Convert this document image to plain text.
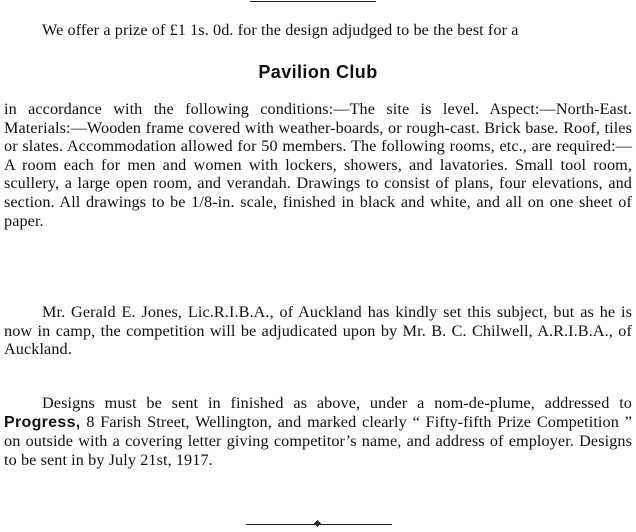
We offer a prize of £1 1s. 0d. for the design adjudged to be the best for a

Pavilion Club

in accordance with the following conditions:—The site is level. Aspect:—North-East. Materials:—Wooden frame covered with weather-boards, or rough-cast. Brick base. Roof, tiles or slates. Accommodation allowed for 50 members. The following rooms, etc., are required:—A room each for men and women with lockers, showers, and lavatories. Small tool room, scullery, a large open room, and verandah. Drawings to consist of plans, four elevations, and section. All drawings to be 1/8-in. scale, finished in black and white, and all on one sheet of paper.

Mr. Gerald E. Jones, Lic.R.I.B.A., of Auckland has kindly set this subject, but as he is now in camp, the competition will be adjudicated upon by Mr. B. C. Chilwell, A.R.I.B.A., of Auckland.

Designs must be sent in finished as above, under a nom-de-plume, addressed to Progress, 8 Farish Street, Wellington, and marked clearly “ Fifty-fifth Prize Competition ” on outside with a covering letter giving competitor’s name, and address of employer. Designs to be sent in by July 21st, 1917.
